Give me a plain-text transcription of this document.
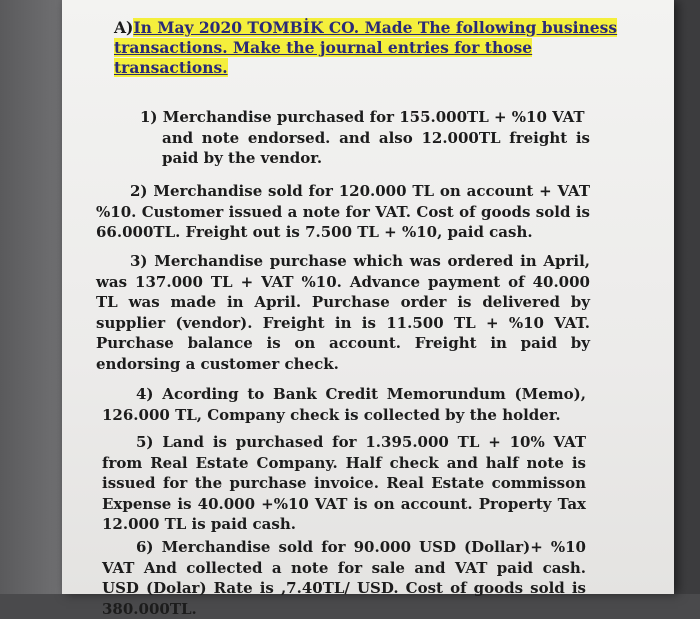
A)In May 2020 TOMBİK CO. Made The following business transactions. Make the journal entries for those transactions.
1) Merchandise purchased for 155.000TL + %10 VAT
and note endorsed. and also 12.000TL freight is paid by the vendor.
2) Merchandise sold for 120.000 TL on account + VAT %10. Customer issued a note for VAT. Cost of goods sold is 66.000TL. Freight out is 7.500 TL + %10, paid cash.
3) Merchandise purchase which was ordered in April, was 137.000 TL + VAT %10. Advance payment of 40.000 TL was made in April. Purchase order is delivered by supplier (vendor). Freight in is 11.500 TL + %10 VAT. Purchase balance is on account. Freight in paid by endorsing a customer check.
4) Acording to Bank Credit Memorundum (Memo), 126.000 TL, Company check is collected by the holder.
5) Land is purchased for 1.395.000 TL + 10% VAT from Real Estate Company. Half check and half note is issued for the purchase invoice. Real Estate commisson Expense is 40.000 +%10 VAT is on account. Property Tax 12.000 TL is paid cash.
6) Merchandise sold for 90.000 USD (Dollar)+ %10 VAT And collected a note for sale and VAT paid cash. USD (Dolar) Rate is ,7.40TL/ USD. Cost of goods sold is 380.000TL.
